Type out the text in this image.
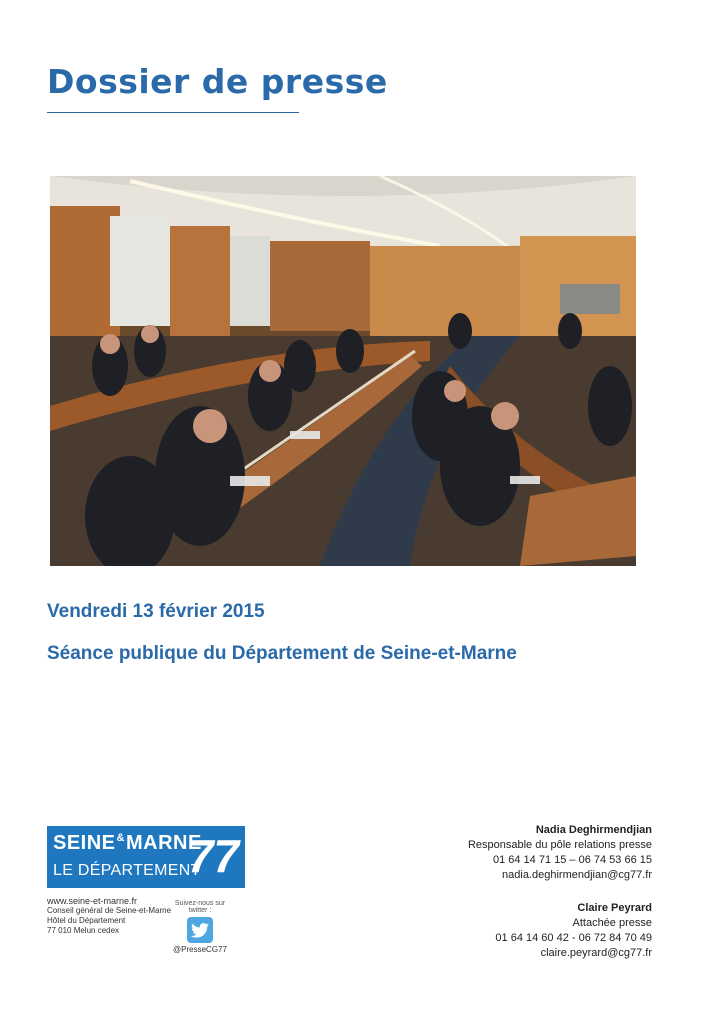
Dossier de presse
Vendredi 13 février 2015
Séance publique du Département de Seine-et-Marne
SEINE&MARNE
LE DÉPARTEMENT
77
www.seine-et-marne.fr
Conseil général de Seine-et-Marne
Hôtel du Département
77 010 Melun cedex
Suivez-nous sur twitter :
@PresseCG77
Nadia Deghirmendjian
Responsable du pôle relations presse
01 64 14 71 15 – 06 74 53 66 15
nadia.deghirmendjian@cg77.fr
Claire Peyrard
Attachée presse
01 64 14 60 42 - 06 72 84 70 49
claire.peyrard@cg77.fr
